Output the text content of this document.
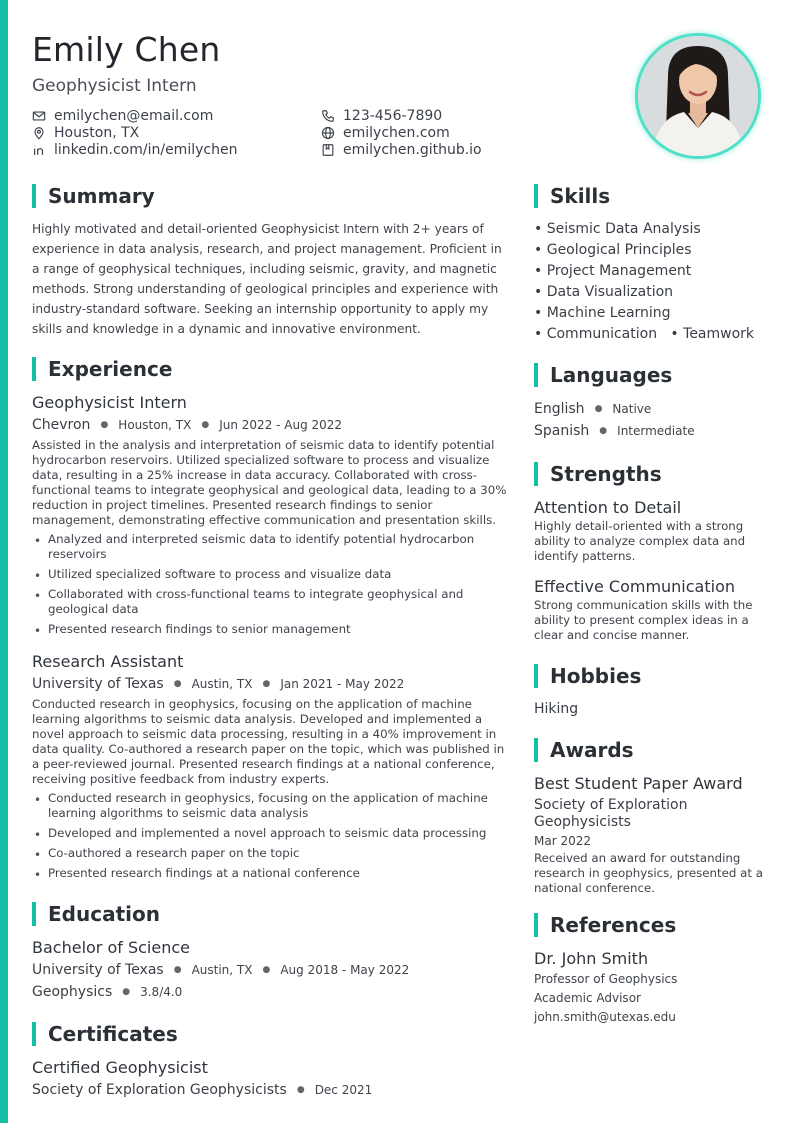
Emily Chen
Geophysicist Intern
emilychen@email.com	123-456-7890
Houston, TX	emilychen.com
linkedin.com/in/emilychen	emilychen.github.io
Summary

Highly motivated and detail-oriented Geophysicist Intern with 2+ years of experience in data analysis, research, and project management. Proficient in a range of geophysical techniques, including seismic, gravity, and magnetic methods. Strong understanding of geological principles and experience with industry-standard software. Seeking an internship opportunity to apply my skills and knowledge in a dynamic and innovative environment.

Experience
Geophysicist Intern
Chevron ● Houston, TX ● Jun 2022 - Aug 2022

Assisted in the analysis and interpretation of seismic data to identify potential hydrocarbon reservoirs. Utilized specialized software to process and visualize data, resulting in a 25% increase in data accuracy. Collaborated with cross-functional teams to integrate geophysical and geological data, leading to a 30% reduction in project timelines. Presented research findings to senior management, demonstrating effective communication and presentation skills.

• Analyzed and interpreted seismic data to identify potential hydrocarbon reservoirs
• Utilized specialized software to process and visualize data
• Collaborated with cross-functional teams to integrate geophysical and geological data
• Presented research findings to senior management
Research Assistant
University of Texas ● Austin, TX ● Jan 2021 - May 2022

Conducted research in geophysics, focusing on the application of machine learning algorithms to seismic data analysis. Developed and implemented a novel approach to seismic data processing, resulting in a 40% improvement in data quality. Co-authored a research paper on the topic, which was published in a peer-reviewed journal. Presented research findings at a national conference, receiving positive feedback from industry experts.

• Conducted research in geophysics, focusing on the application of machine learning algorithms to seismic data analysis
• Developed and implemented a novel approach to seismic data processing
• Co-authored a research paper on the topic
• Presented research findings at a national conference
Education
Bachelor of Science
University of Texas ● Austin, TX ● Aug 2018 - May 2022
Geophysics ● 3.8/4.0
Certificates
Certified Geophysicist
Society of Exploration Geophysicists ● Dec 2021
Skills
• Seismic Data Analysis
• Geological Principles
• Project Management
• Data Visualization
• Machine Learning
• Communication   • Teamwork
Languages
English ● Native
Spanish ● Intermediate
Strengths
Attention to Detail

Highly detail-oriented with a strong ability to analyze complex data and identify patterns.

Effective Communication

Strong communication skills with the ability to present complex ideas in a clear and concise manner.

Hobbies
Hiking
Awards
Best Student Paper Award
Society of Exploration Geophysicists
Mar 2022

Received an award for outstanding research in geophysics, presented at a national conference.

References
Dr. John Smith
Professor of Geophysics
Academic Advisor
john.smith@utexas.edu
